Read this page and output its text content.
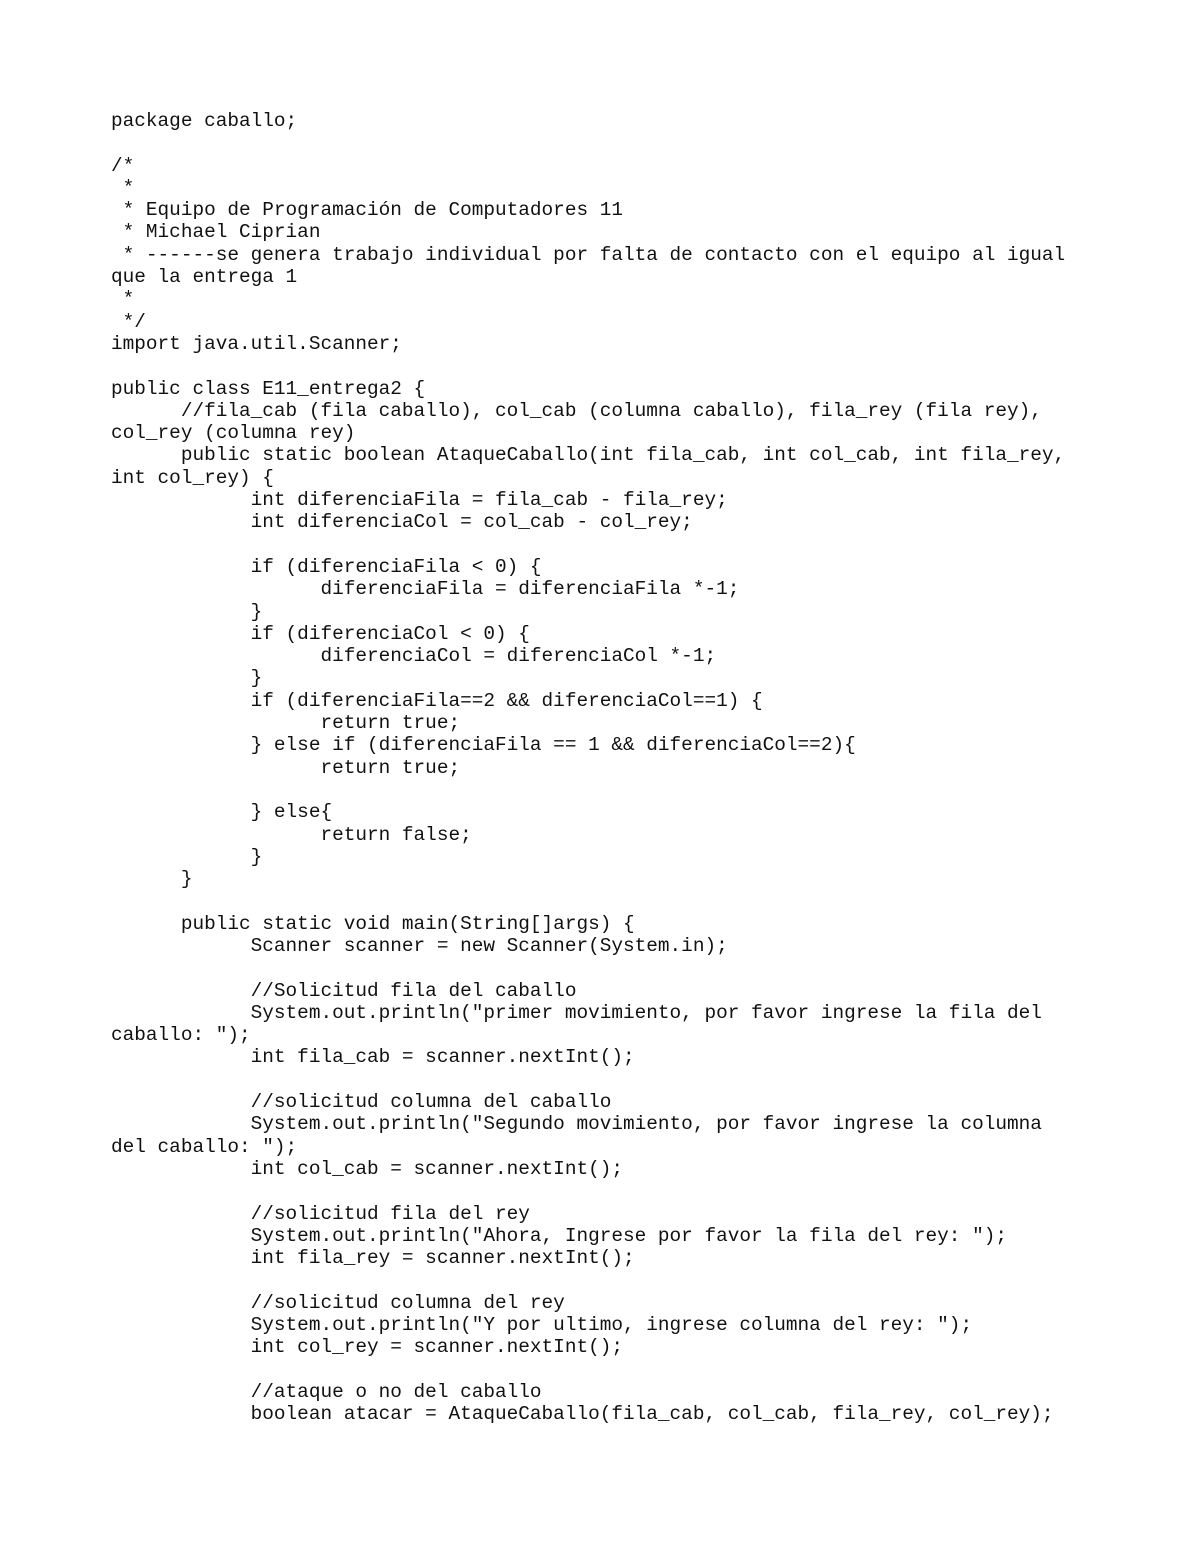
package caballo;
/*
*
* Equipo de Programación de Computadores 11
* Michael Ciprian
* ------se genera trabajo individual por falta de contacto con el equipo al igual
que la entrega 1
*
*/
import java.util.Scanner;
public class E11_entrega2 {
//fila_cab (fila caballo), col_cab (columna caballo), fila_rey (fila rey),
col_rey (columna rey)
public static boolean AtaqueCaballo(int fila_cab, int col_cab, int fila_rey,
int col_rey) {
int diferenciaFila = fila_cab - fila_rey;
int diferenciaCol = col_cab - col_rey;
if (diferenciaFila < 0) {
diferenciaFila = diferenciaFila *-1;
}
if (diferenciaCol < 0) {
diferenciaCol = diferenciaCol *-1;
}
if (diferenciaFila==2 && diferenciaCol==1) {
return true;
} else if (diferenciaFila == 1 && diferenciaCol==2){
return true;
} else{
return false;
}
}
public static void main(String[]args) {
Scanner scanner = new Scanner(System.in);
//Solicitud fila del caballo
System.out.println("primer movimiento, por favor ingrese la fila del
caballo: ");
int fila_cab = scanner.nextInt();
//solicitud columna del caballo
System.out.println("Segundo movimiento, por favor ingrese la columna
del caballo: ");
int col_cab = scanner.nextInt();
//solicitud fila del rey
System.out.println("Ahora, Ingrese por favor la fila del rey: ");
int fila_rey = scanner.nextInt();
//solicitud columna del rey
System.out.println("Y por ultimo, ingrese columna del rey: ");
int col_rey = scanner.nextInt();
//ataque o no del caballo
boolean atacar = AtaqueCaballo(fila_cab, col_cab, fila_rey, col_rey);
